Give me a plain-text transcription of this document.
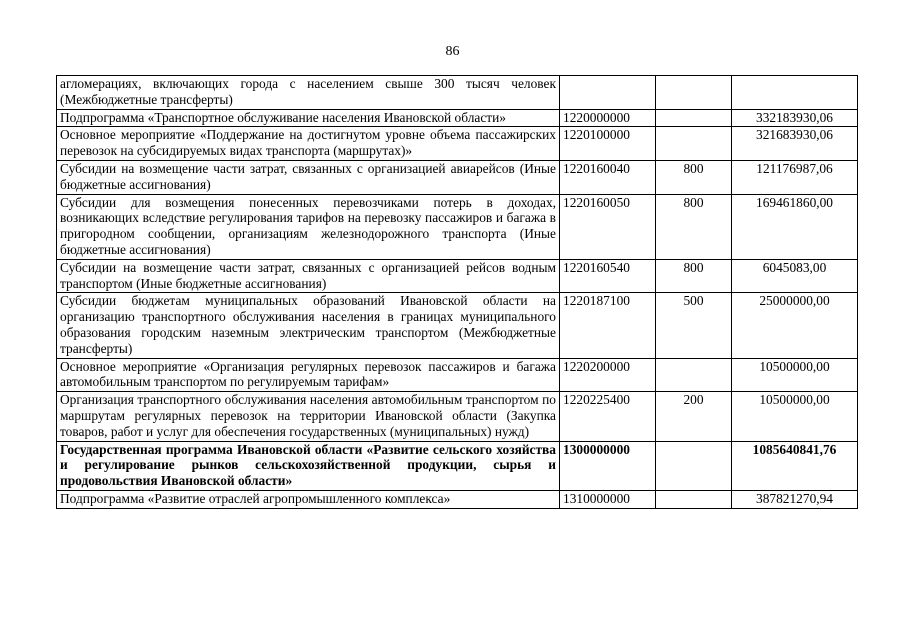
86
агломерациях, включающих города с населением свыше 300 тысяч человек (Межбюджетные трансферты)			
Подпрограмма «Транспортное обслуживание населения Ивановской области»	1220000000		332183930,06
Основное мероприятие «Поддержание на достигнутом уровне объема пассажирских перевозок на субсидируемых видах транспорта (маршрутах)»	1220100000		321683930,06
Субсидии на возмещение части затрат, связанных с организацией авиарейсов (Иные бюджетные ассигнования)	1220160040	800	121176987,06
Субсидии для возмещения понесенных перевозчиками потерь в доходах, возникающих вследствие регулирования тарифов на перевозку пассажиров и багажа в пригородном сообщении, организациям железнодорожного транспорта (Иные бюджетные ассигнования)	1220160050	800	169461860,00
Субсидии на возмещение части затрат, связанных с организацией рейсов водным транспортом (Иные бюджетные ассигнования)	1220160540	800	6045083,00
Субсидии бюджетам муниципальных образований Ивановской области на организацию транспортного обслуживания населения в границах муниципального образования городским наземным электрическим транспортом (Межбюджетные трансферты)	1220187100	500	25000000,00
Основное мероприятие «Организация регулярных перевозок пассажиров и багажа автомобильным транспортом по регулируемым тарифам»	1220200000		10500000,00
Организация транспортного обслуживания населения автомобильным транспортом по маршрутам регулярных перевозок на территории Ивановской области (Закупка товаров, работ и услуг для обеспечения государственных (муниципальных) нужд)	1220225400	200	10500000,00
Государственная программа Ивановской области «Развитие сельского хозяйства и регулирование рынков сельскохозяйственной продукции, сырья и продовольствия Ивановской области»	1300000000		1085640841,76
Подпрограмма «Развитие отраслей агропромышленного комплекса»	1310000000		387821270,94
